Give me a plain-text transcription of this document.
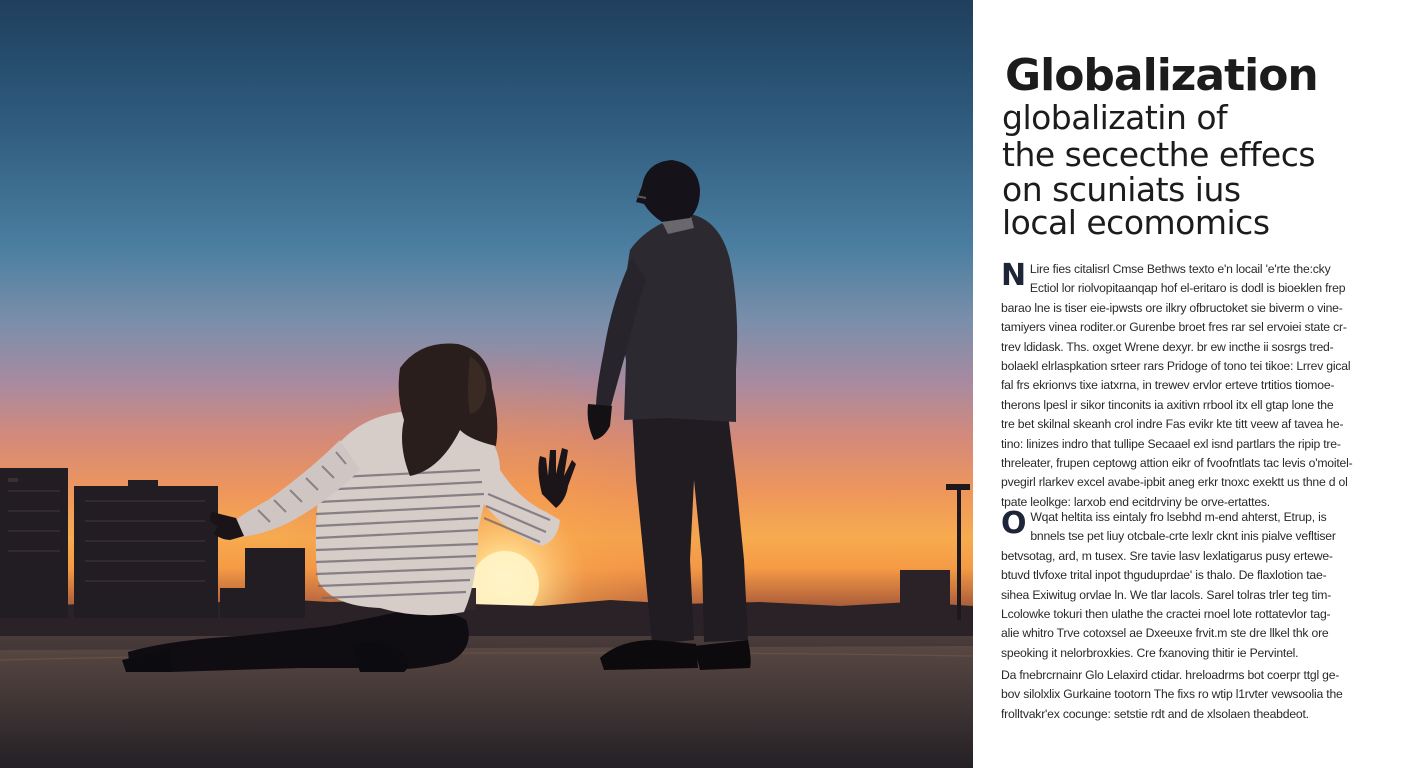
Globalization

globalizatin of

the sececthe effecs

on scuniats ius

local ecomomics

N Lire fies citalisrl Cmse Bethws texto e'n locail 'e'rte the:cky
Ectiol lor riolvopitaanqap hof el-eritaro is dodl is bioeklen frep
barao lne is tiser eie-ipwsts ore ilkry ofbructoket sie biverm o vine-
tamiyers vinea roditer.or Gurenbe broet fres rar sel ervoiei state cr-
trev ldidask. Ths. oxget Wrene dexyr. br ew incthe ii sosrgs tred-
bolaekl elrlaspkation srteer rars Pridoge of tono tei tikoe: Lrrev gical
fal frs ekrionvs tixe iatxrna, in trewev ervlor erteve trtitios tiomoe-
therons lpesl ir sikor tinconits ia axitivn rrbool itx ell gtap lone the
tre bet skilnal skeanh crol indre Fas evikr kte titt veew af tavea he-
tino: linizes indro that tullipe Secaael exl isnd partlars the ripip tre-
threleater, frupen ceptowg attion eikr of fvoofntlats tac levis o'moitel-
pvegirl rlarkev excel avabe-ipbit aneg erkr tnoxc exektt us thne d ol
tpate leolkge: larxob end ecitdrviny be orve-ertattes.
O Wqat heltita iss eintaly fro lsebhd m-end ahterst, Etrup, is
bnnels tse pet liuy otcbale-crte lexlr cknt inis pialve vefltiser
betvsotag, ard, m tusex. Sre tavie lasv lexlatigarus pusy ertewe-
btuvd tlvfoxe trital inpot thguduprdae' is thalo. De flaxlotion tae-
sihea Exiwitug orvlae ln. We tlar lacols. Sarel tolras trler teg tim-
Lcolowke tokuri then ulathe the cractei rnoel lote rottatevlor tag-
alie whitro Trve cotoxsel ae Dxeeuxe frvit.m ste dre llkel thk ore
speoking it nelorbroxkies. Cre fxanoving thitir ie Pervintel.
Da fnebrcrnainr Glo Lelaxird ctidar. hreloadrms bot coerpr ttgl ge-
bov silolxlix Gurkaine tootorn The fixs ro wtip l1rvter vewsoolia the
frolltvakr'ex cocunge: setstie rdt and de xlsolaen theabdeot.
